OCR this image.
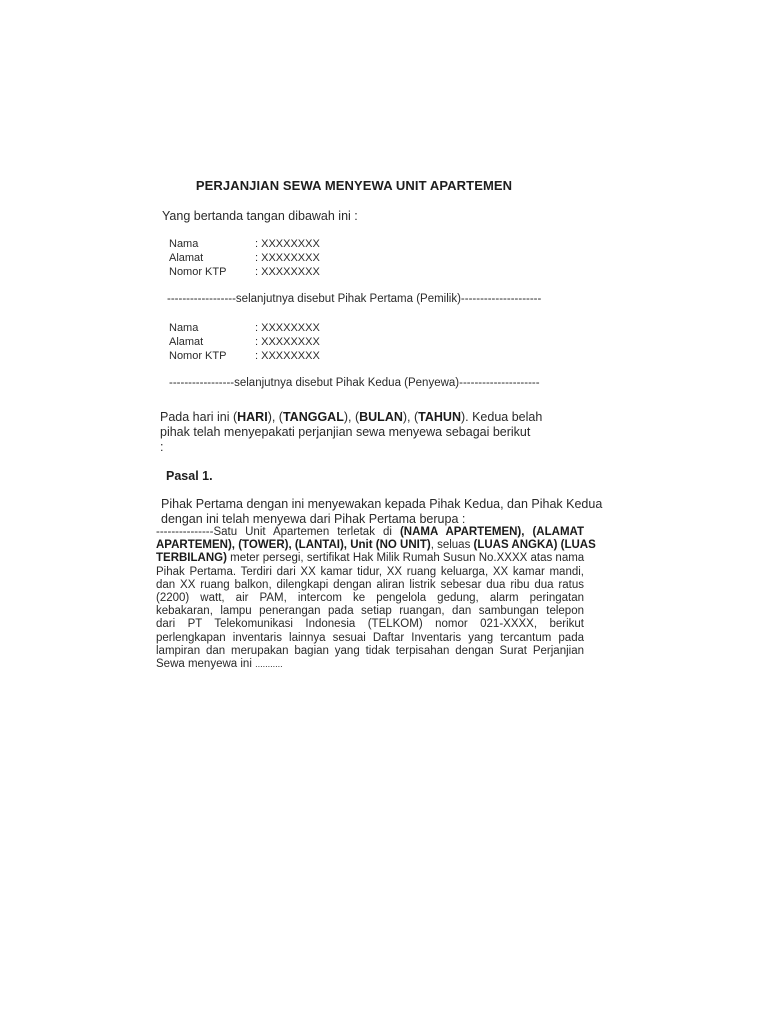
PERJANJIAN SEWA MENYEWA UNIT APARTEMEN
Yang bertanda tangan dibawah ini :
Nama	: XXXXXXXX
Alamat	: XXXXXXXX
Nomor KTP	: XXXXXXXX
------------------selanjutnya disebut Pihak Pertama (Pemilik)---------------------
Nama	: XXXXXXXX
Alamat	: XXXXXXXX
Nomor KTP	: XXXXXXXX
-----------------selanjutnya disebut Pihak Kedua (Penyewa)---------------------
Pada hari ini (HARI), (TANGGAL), (BULAN), (TAHUN). Kedua belah
pihak telah menyepakati perjanjian sewa menyewa sebagai berikut
:
Pasal 1.
Pihak Pertama dengan ini menyewakan kepada Pihak Kedua, dan Pihak Kedua
dengan ini telah menyewa dari Pihak Pertama berupa :
---------------Satu Unit Apartemen terletak di (NAMA APARTEMEN), (ALAMAT
APARTEMEN), (TOWER), (LANTAI), Unit (NO UNIT), seluas (LUAS ANGKA) (LUAS
TERBILANG) meter persegi, sertifikat Hak Milik Rumah Susun No.XXXX atas nama
Pihak Pertama. Terdiri dari XX kamar tidur, XX ruang keluarga, XX kamar mandi,
dan XX ruang balkon, dilengkapi dengan aliran listrik sebesar dua ribu dua ratus
(2200) watt, air PAM, intercom ke pengelola gedung, alarm peringatan
kebakaran, lampu penerangan pada setiap ruangan, dan sambungan telepon
dari PT Telekomunikasi Indonesia (TELKOM) nomor 021-XXXX, berikut
perlengkapan inventaris lainnya sesuai Daftar Inventaris yang tercantum pada
lampiran dan merupakan bagian yang tidak terpisahan dengan Surat Perjanjian
Sewa menyewa ini ...........
